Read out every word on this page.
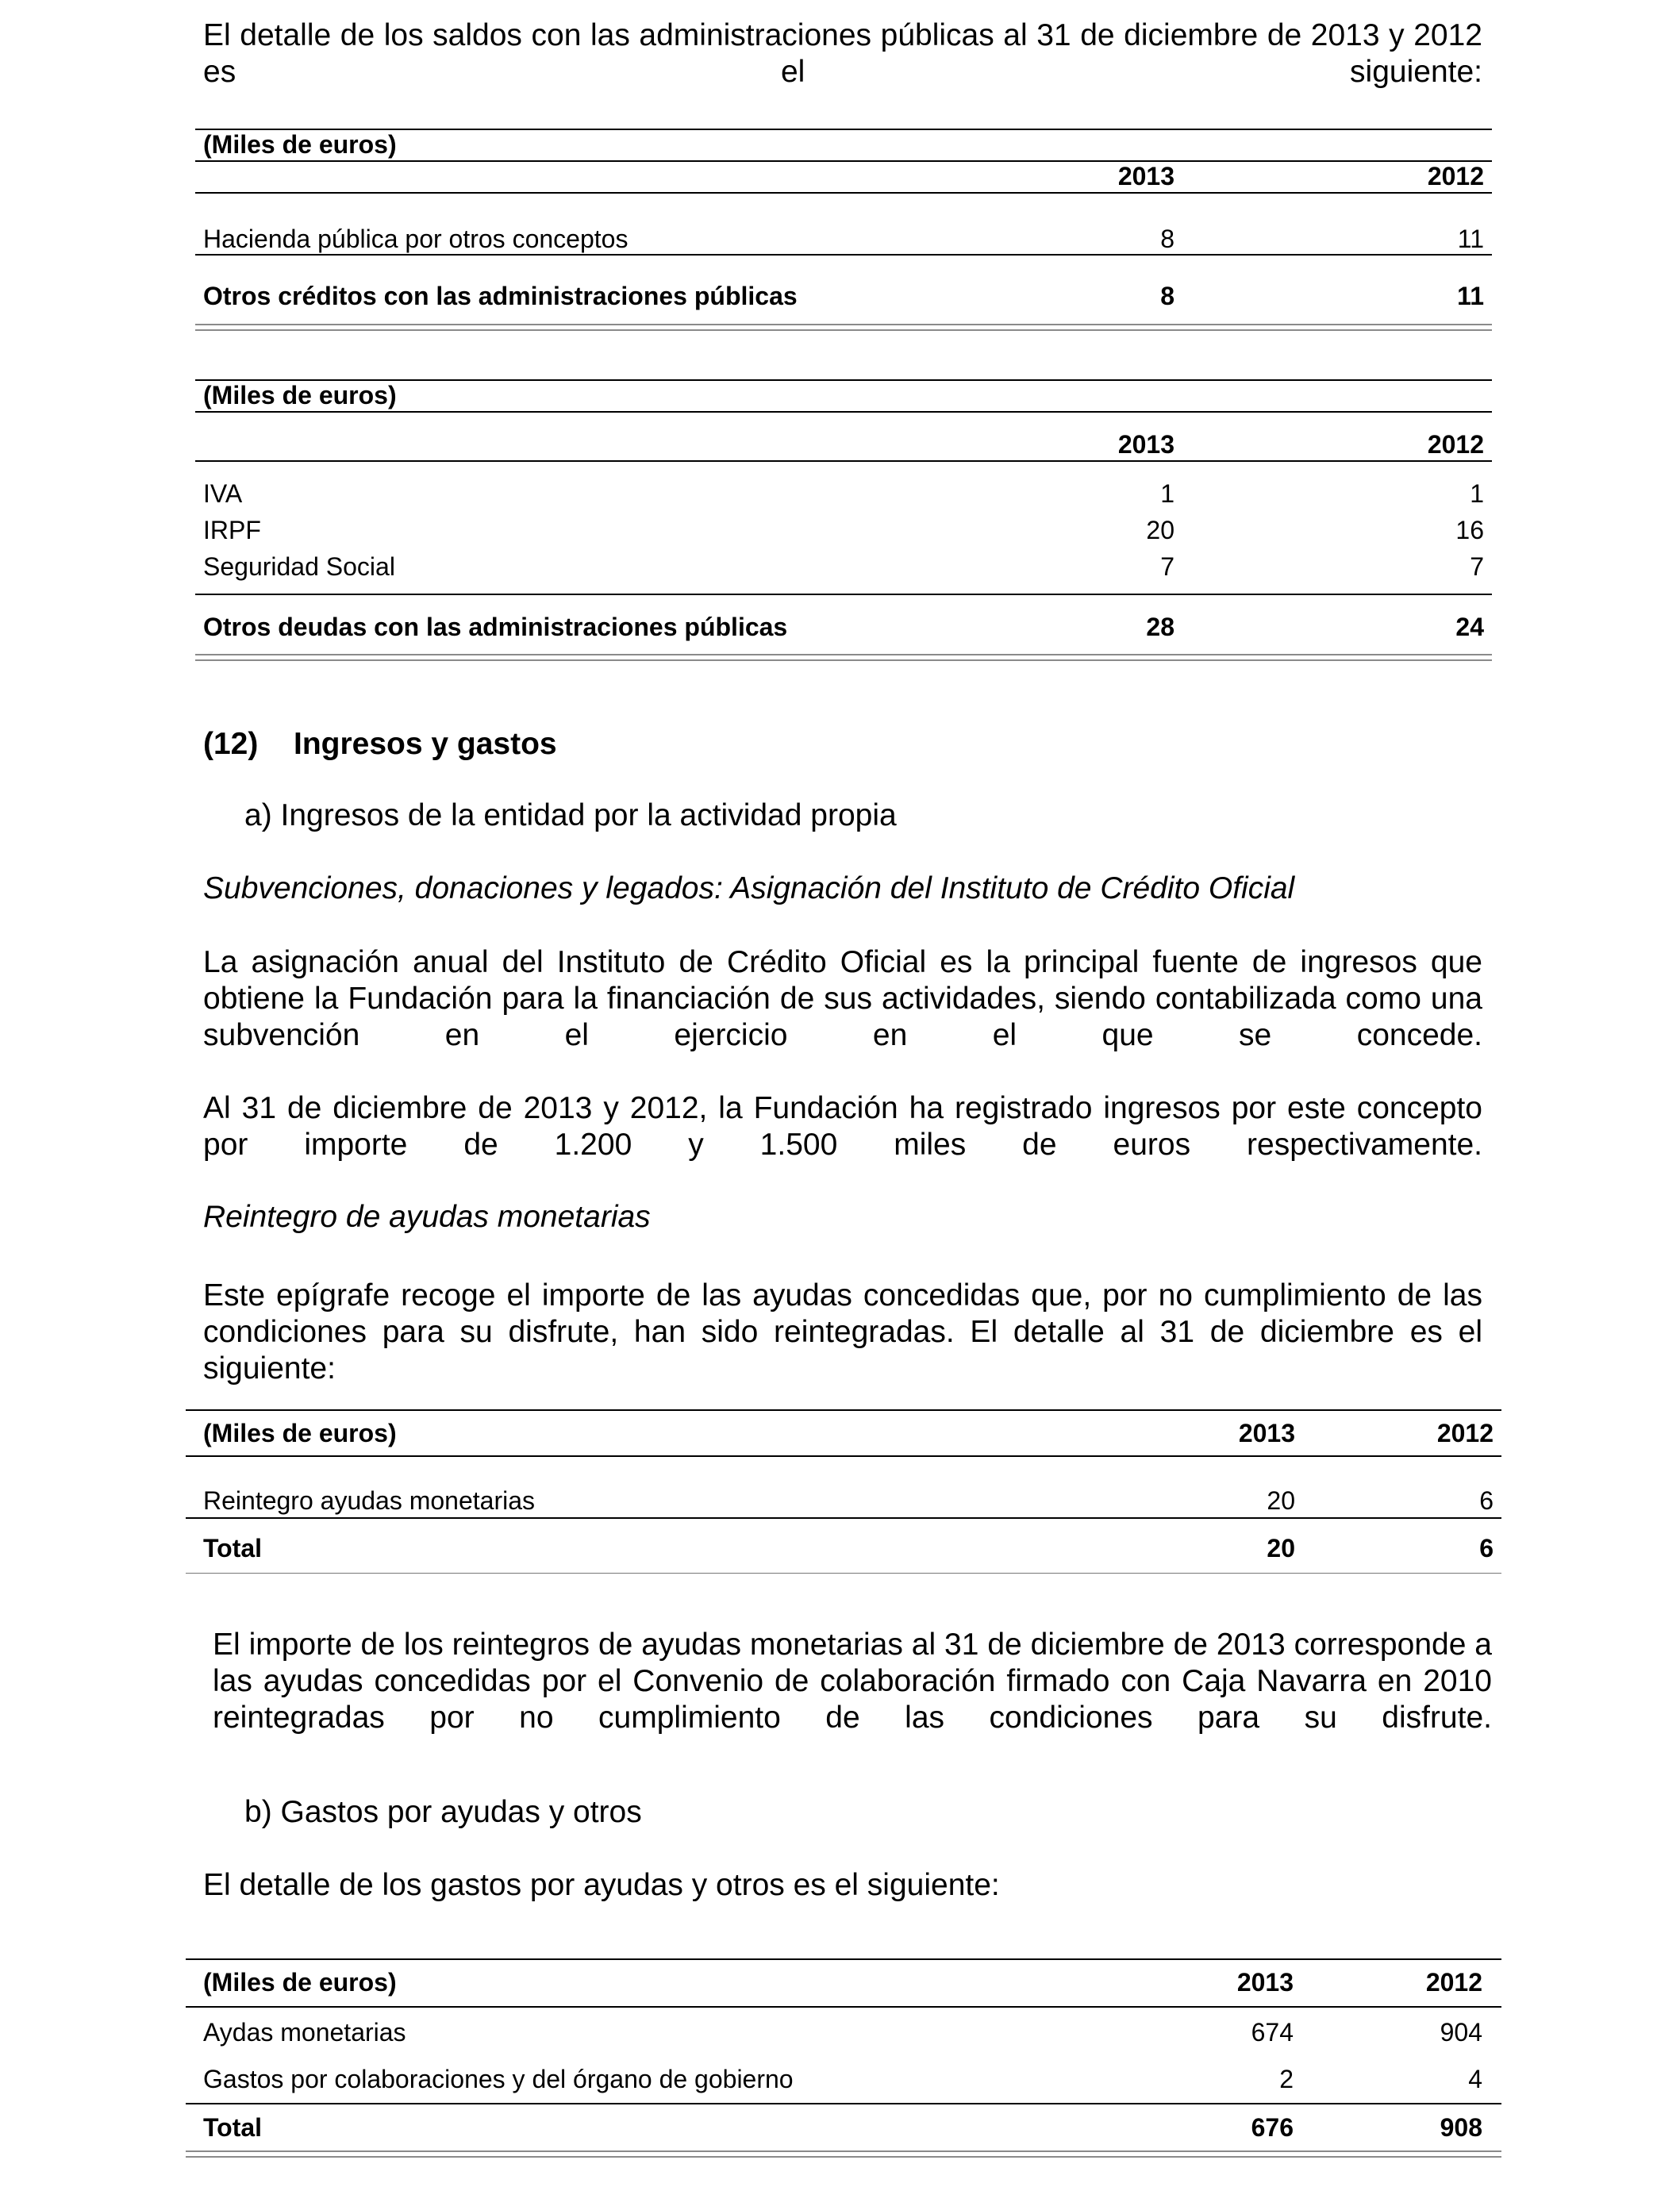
El detalle de los saldos con las administraciones públicas al 31 de diciembre de 2013 y 2012 es el siguiente:
(Miles de euros)
2013	2012
Hacienda pública por otros conceptos	8	11
Otros créditos con las administraciones públicas	8	11
(Miles de euros)
2013	2012
IVA	1	1
IRPF	20	16
Seguridad Social	7	7
Otros deudas con las administraciones públicas	28	24
(12) Ingresos y gastos
a) Ingresos de la entidad por la actividad propia
Subvenciones, donaciones y legados: Asignación del Instituto de Crédito Oficial
La asignación anual del Instituto de Crédito Oficial es la principal fuente de ingresos que obtiene la Fundación para la financiación de sus actividades, siendo contabilizada como una subvención en el ejercicio en el que se concede.
Al 31 de diciembre de 2013 y 2012, la Fundación ha registrado ingresos por este concepto por importe de 1.200 y 1.500 miles de euros respectivamente.
Reintegro de ayudas monetarias
Este epígrafe recoge el importe de las ayudas concedidas que, por no cumplimiento de las condiciones para su disfrute, han sido reintegradas. El detalle al 31 de diciembre es el siguiente:
(Miles de euros)	2013	2012
Reintegro ayudas monetarias	20	6
Total	20	6
El importe de los reintegros de ayudas monetarias al 31 de diciembre de 2013 corresponde a las ayudas concedidas por el Convenio de colaboración firmado con Caja Navarra en 2010 reintegradas por no cumplimiento de las condiciones para su disfrute.
b) Gastos por ayudas y otros
El detalle de los gastos por ayudas y otros es el siguiente:
(Miles de euros)	2013	2012
Aydas monetarias	674	904
Gastos por colaboraciones y del órgano de gobierno	2	4
Total	676	908
